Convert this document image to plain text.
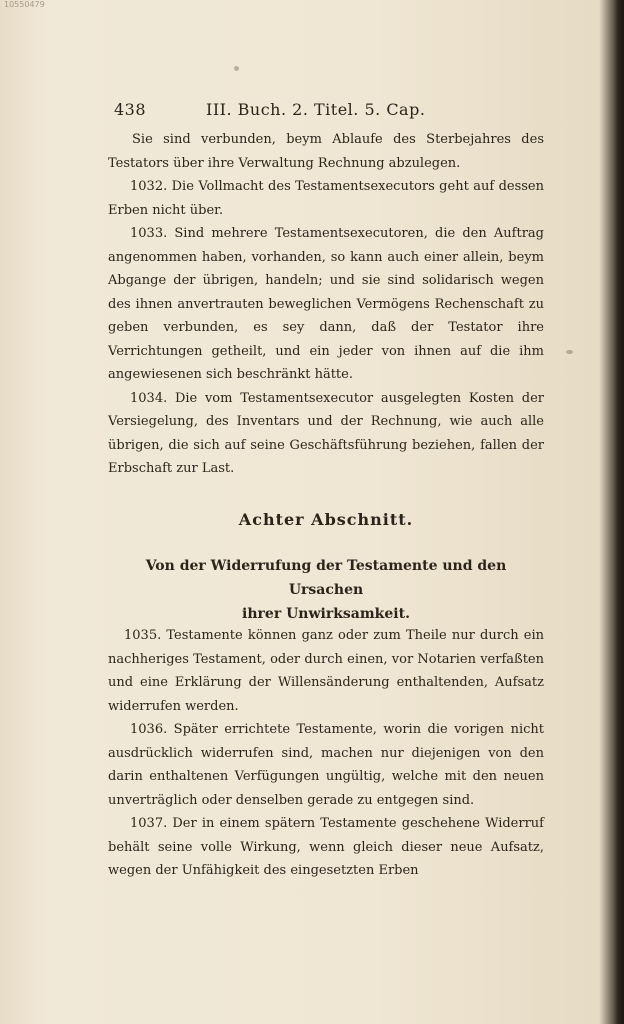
10550479
438	III. Buch. 2. Titel. 5. Cap.

Sie sind verbunden, beym Ablaufe des Sterbejahres des Testators über ihre Verwaltung Rechnung abzulegen.

1032. Die Vollmacht des Testamentsexecutors geht auf dessen Erben nicht über.

1033. Sind mehrere Testamentsexecutoren, die den Auftrag angenommen haben, vorhanden, so kann auch einer allein, beym Abgange der übrigen, handeln; und sie sind solidarisch wegen des ihnen anvertrauten beweglichen Vermögens Rechenschaft zu geben verbunden, es sey dann, daß der Testator ihre Verrichtungen getheilt, und ein jeder von ihnen auf die ihm angewiesenen sich beschränkt hätte.

1034. Die vom Testamentsexecutor ausgelegten Kosten der Versiegelung, des Inventars und der Rechnung, wie auch alle übrigen, die sich auf seine Geschäftsführung beziehen, fallen der Erbschaft zur Last.

Achter Abschnitt.
Von der Widerrufung der Testamente und den Ursachen
ihrer Unwirksamkeit.

1035. Testamente können ganz oder zum Theile nur durch ein nachheriges Testament, oder durch einen, vor Notarien verfaßten und eine Erklärung der Willensänderung enthaltenden, Aufsatz widerrufen werden.

1036. Später errichtete Testamente, worin die vorigen nicht ausdrücklich widerrufen sind, machen nur diejenigen von den darin enthaltenen Verfügungen ungültig, welche mit den neuen unverträglich oder denselben gerade zu entgegen sind.

1037. Der in einem spätern Testamente geschehene Widerruf behält seine volle Wirkung, wenn gleich dieser neue Aufsatz, wegen der Unfähigkeit des eingesetzten Erben
